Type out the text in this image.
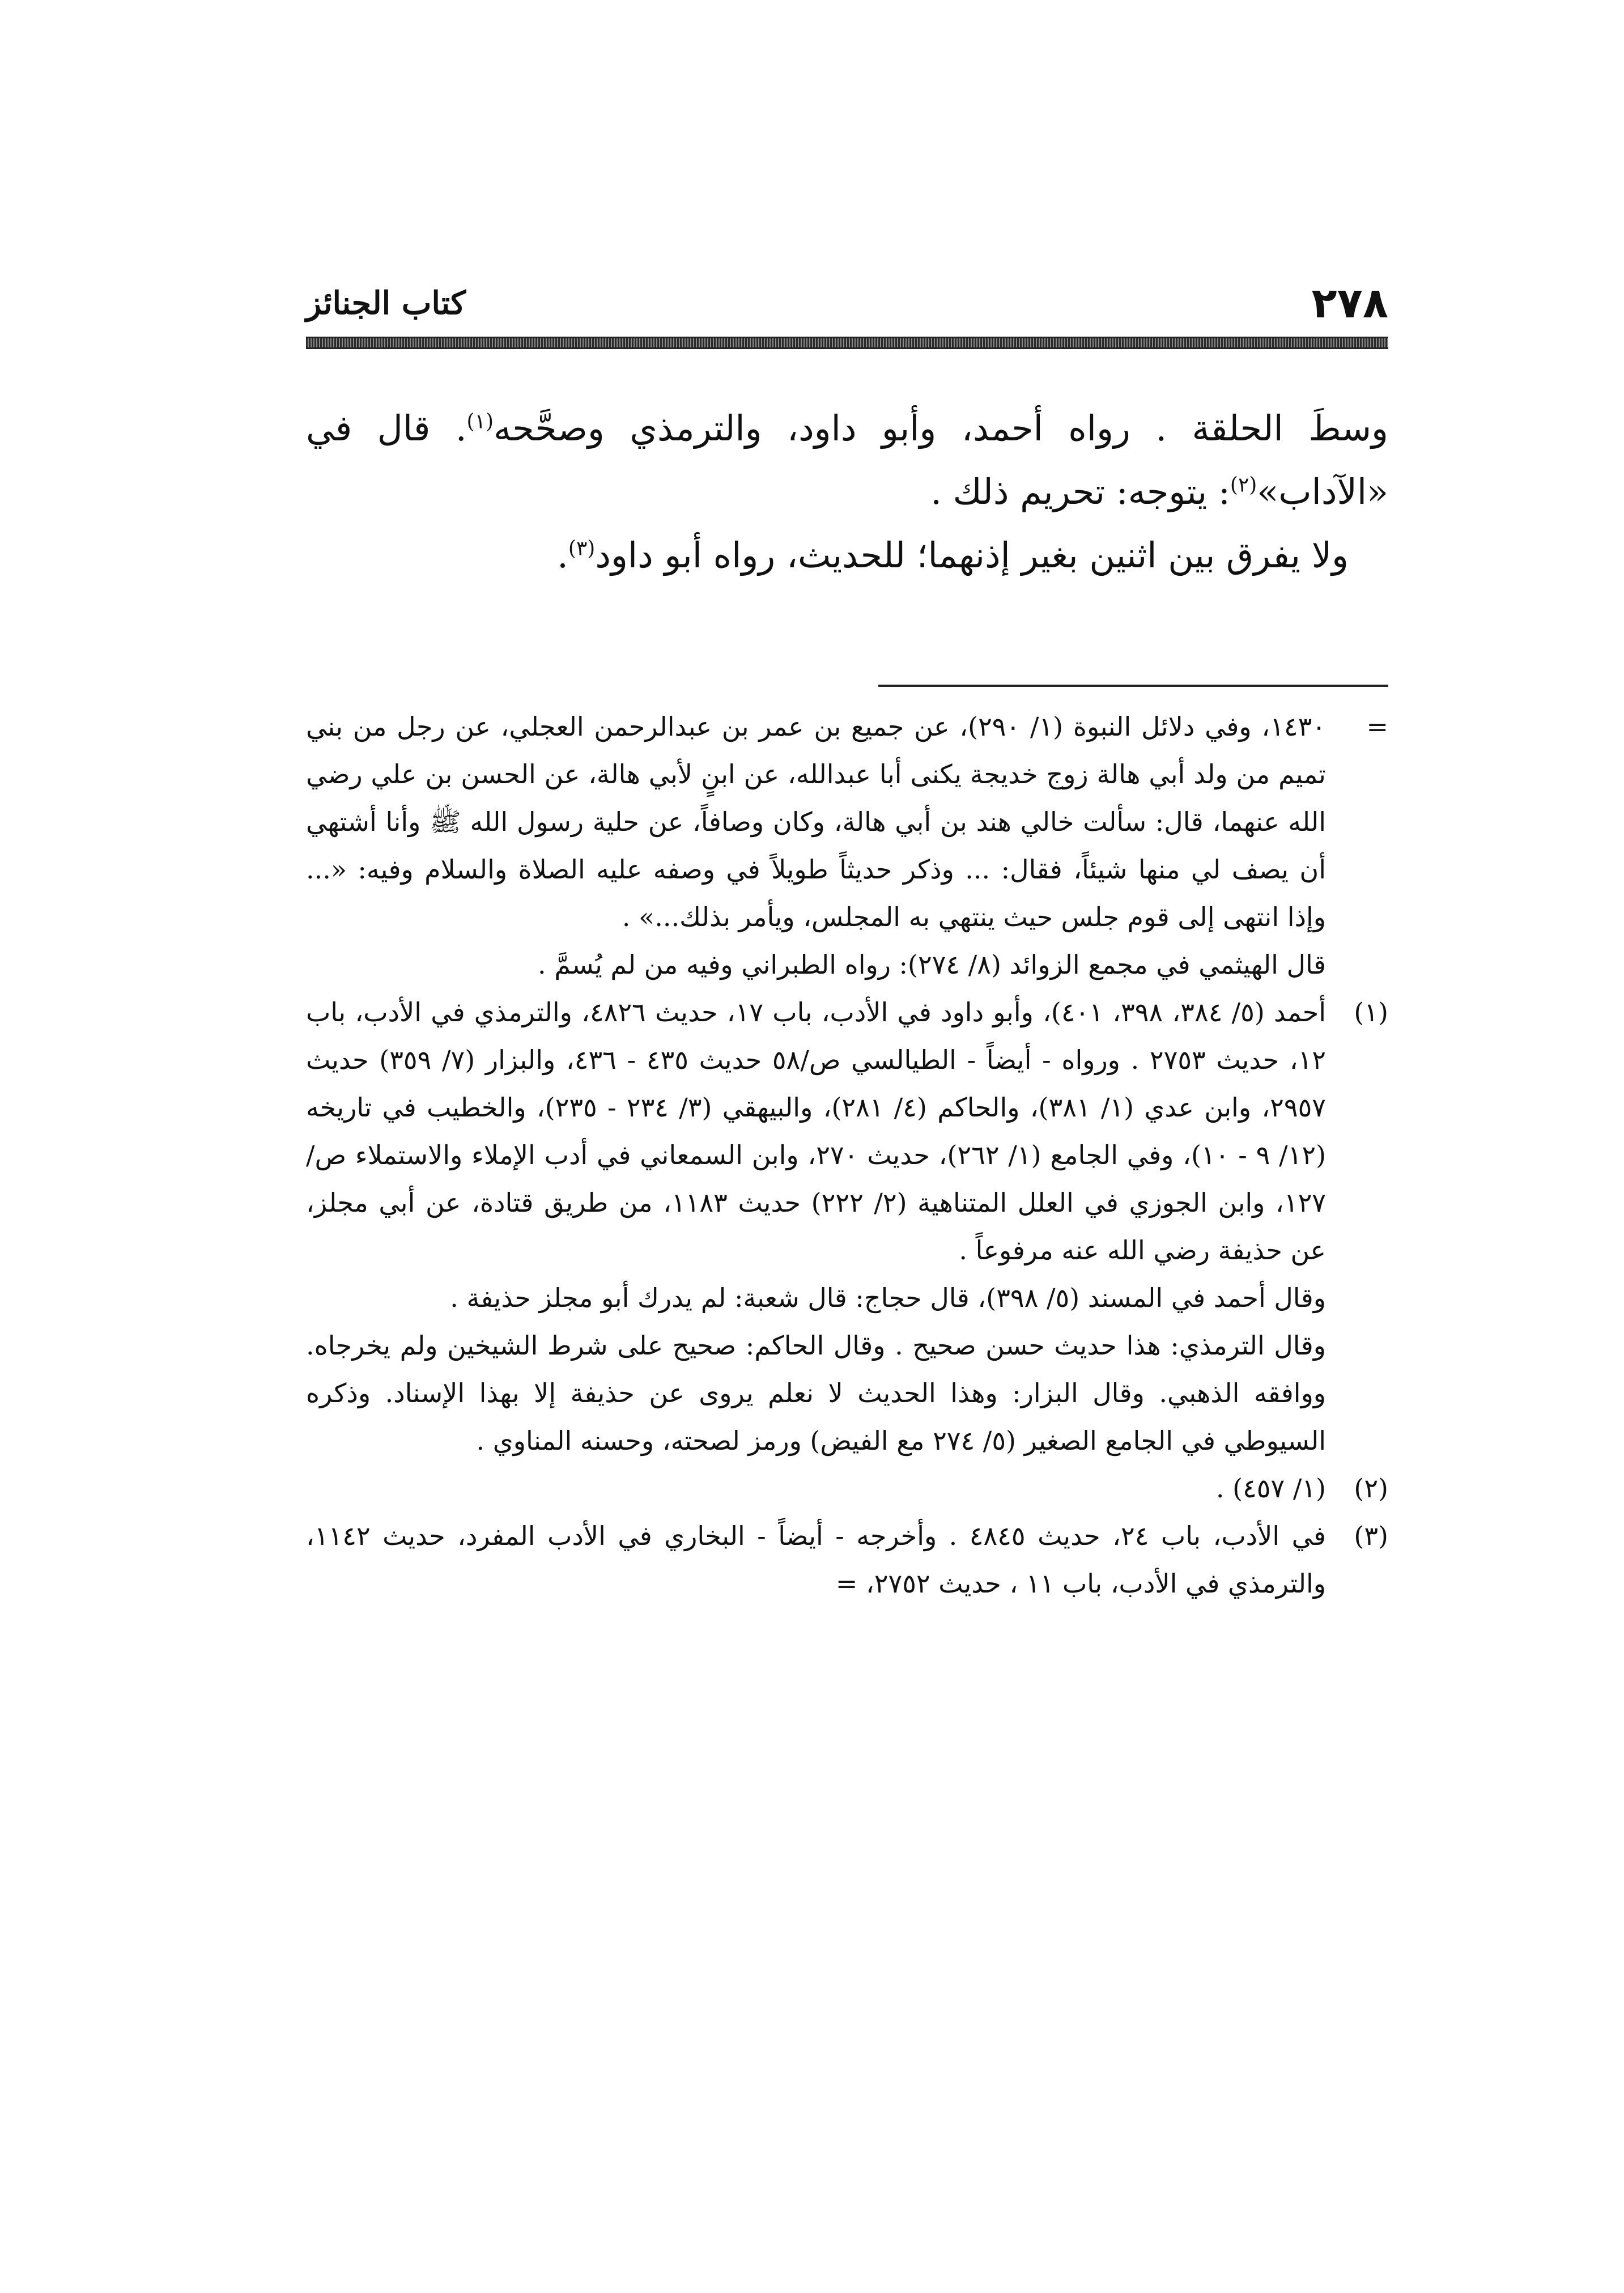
٢٧٨
كتاب الجنائز

وسطَ الحلقة . رواه أحمد، وأبو داود، والترمذي وصحَّحه$^{(١)}$. قال في «الآداب»$^{(٢)}$: يتوجه: تحريم ذلك .

ولا يفرق بين اثنين بغير إذنهما؛ للحديث، رواه أبو داود$^{(٣)}$.

=

١٤٣٠، وفي دلائل النبوة (١/ ٢٩٠)، عن جميع بن عمر بن عبدالرحمن العجلي، عن رجل من بني تميم من ولد أبي هالة زوج خديجة يكنى أبا عبدالله، عن ابنٍ لأبي هالة، عن الحسن بن علي رضي الله عنهما، قال: سألت خالي هند بن أبي هالة، وكان وصافاً، عن حلية رسول الله ﷺ وأنا أشتهي أن يصف لي منها شيئاً، فقال: ... وذكر حديثاً طويلاً في وصفه عليه الصلاة والسلام وفيه: «... وإذا انتهى إلى قوم جلس حيث ينتهي به المجلس، ويأمر بذلك...» .

قال الهيثمي في مجمع الزوائد (٨/ ٢٧٤): رواه الطبراني وفيه من لم يُسمَّ .

(١)

أحمد (٥/ ٣٨٤، ٣٩٨، ٤٠١)، وأبو داود في الأدب، باب ١٧، حديث ٤٨٢٦، والترمذي في الأدب، باب ١٢، حديث ٢٧٥٣ . ورواه - أيضاً - الطيالسي ص/٥٨ حديث ٤٣٥ - ٤٣٦، والبزار (٧/ ٣٥٩) حديث ٢٩٥٧، وابن عدي (١/ ٣٨١)، والحاكم (٤/ ٢٨١)، والبيهقي (٣/ ٢٣٤ - ٢٣٥)، والخطيب في تاريخه (١٢/ ٩ - ١٠)، وفي الجامع (١/ ٢٦٢)، حديث ٢٧٠، وابن السمعاني في أدب الإملاء والاستملاء ص/ ١٢٧، وابن الجوزي في العلل المتناهية (٢/ ٢٢٢) حديث ١١٨٣، من طريق قتادة، عن أبي مجلز، عن حذيفة رضي الله عنه مرفوعاً .

وقال أحمد في المسند (٥/ ٣٩٨)، قال حجاج: قال شعبة: لم يدرك أبو مجلز حذيفة .

وقال الترمذي: هذا حديث حسن صحيح . وقال الحاكم: صحيح على شرط الشيخين ولم يخرجاه. ووافقه الذهبي. وقال البزار: وهذا الحديث لا نعلم يروى عن حذيفة إلا بهذا الإسناد. وذكره السيوطي في الجامع الصغير (٥/ ٢٧٤ مع الفيض) ورمز لصحته، وحسنه المناوي .

(٢)

(١/ ٤٥٧) .

(٣)

في الأدب، باب ٢٤، حديث ٤٨٤٥ . وأخرجه - أيضاً - البخاري في الأدب المفرد، حديث ١١٤٢، والترمذي في الأدب، باب ١١ ، حديث ٢٧٥٢، =
